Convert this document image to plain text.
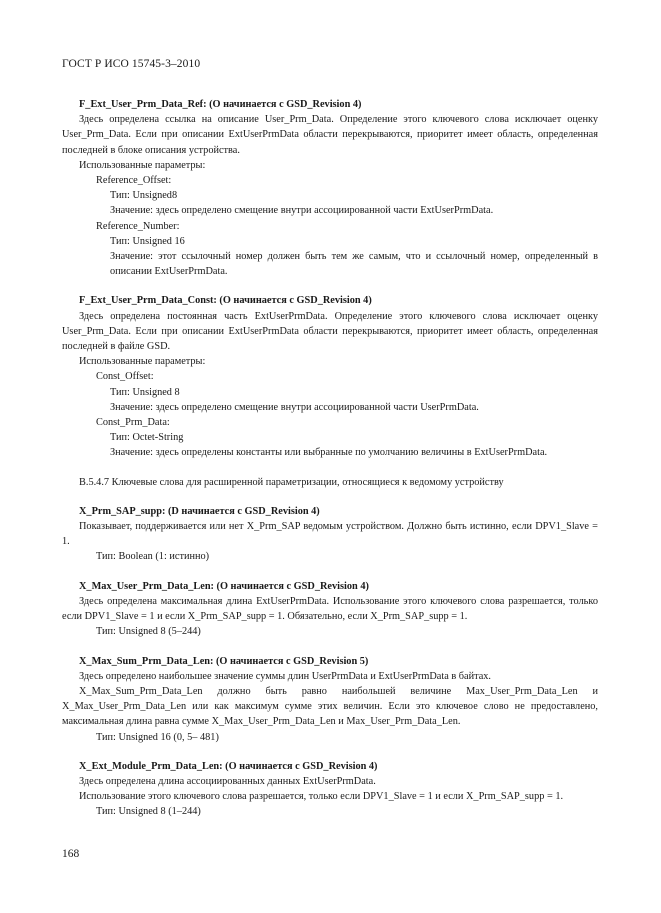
ГОСТ Р ИСО 15745-3–2010

F_Ext_User_Prm_Data_Ref: (О начинается с GSD_Revision 4)

Здесь определена ссылка на описание User_Prm_Data. Определение этого ключевого слова исключает оценку User_Prm_Data. Если при описании ExtUserPrmData области перекрываются, приоритет имеет область, определенная последней в блоке описания устройства.

Использованные параметры:

Reference_Offset:

Тип: Unsigned8

Значение: здесь определено смещение внутри ассоциированной части ExtUserPrmData.

Reference_Number:

Тип: Unsigned 16

Значение: этот ссылочный номер должен быть тем же самым, что и ссылочный номер, определенный в описании ExtUserPrmData.

F_Ext_User_Prm_Data_Const: (О начинается с GSD_Revision 4)

Здесь определена постоянная часть ExtUserPrmData. Определение этого ключевого слова исключает оценку User_Prm_Data. Если при описании ExtUserPrmData области перекрываются, приоритет имеет область, определенная последней в файле GSD.

Использованные параметры:

Const_Offset:

Тип: Unsigned 8

Значение: здесь определено смещение внутри ассоциированной части UserPrmData.

Const_Prm_Data:

Тип: Octet-String

Значение: здесь определены константы или выбранные по умолчанию величины в ExtUserPrmData.

В.5.4.7 Ключевые слова для расширенной параметризации, относящиеся к ведомому устройству

X_Prm_SAP_supp: (D начинается с GSD_Revision 4)

Показывает, поддерживается или нет X_Prm_SAP ведомым устройством. Должно быть истинно, если DPV1_Slave = 1.

Тип: Boolean (1: истинно)

X_Max_User_Prm_Data_Len: (О начинается с GSD_Revision 4)

Здесь определена максимальная длина ExtUserPrmData. Использование этого ключевого слова разрешается, только если DPV1_Slave = 1 и если X_Prm_SAP_supp = 1. Обязательно, если X_Prm_SAP_supp = 1.

Тип: Unsigned 8 (5–244)

X_Max_Sum_Prm_Data_Len: (О начинается с GSD_Revision 5)

Здесь определено наибольшее значение суммы длин UserPrmData и ExtUserPrmData в байтах.

X_Max_Sum_Prm_Data_Len должно быть равно наибольшей величине Max_User_Prm_Data_Len и X_Max_User_Prm_Data_Len или как максимум сумме этих величин. Если это ключевое слово не предоставлено, максимальная длина равна сумме X_Max_User_Prm_Data_Len и Max_User_Prm_Data_Len.

Тип: Unsigned 16 (0, 5– 481)

X_Ext_Module_Prm_Data_Len: (О начинается с GSD_Revision 4)

Здесь определена длина ассоциированных данных ExtUserPrmData.

Использование этого ключевого слова разрешается, только если DPV1_Slave = 1 и если X_Prm_SAP_supp = 1.

Тип: Unsigned 8 (1–244)

168
